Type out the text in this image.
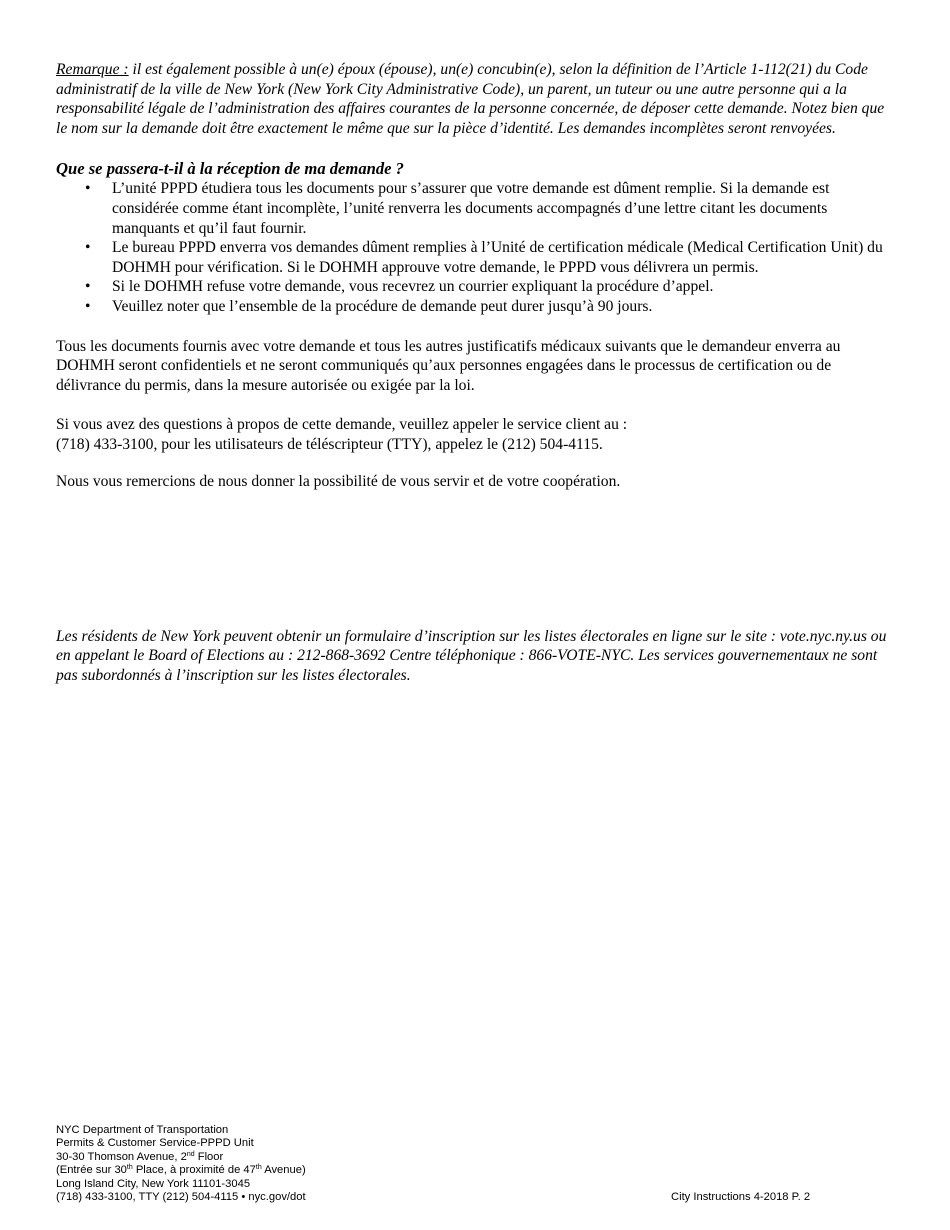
Remarque : il est également possible à un(e) époux (épouse), un(e) concubin(e), selon la définition de l’Article 1-112(21) du Code administratif de la ville de New York (New York City Administrative Code), un parent, un tuteur ou une autre personne qui a la responsabilité légale de l’administration des affaires courantes de la personne concernée, de déposer cette demande. Notez bien que le nom sur la demande doit être exactement le même que sur la pièce d’identité. Les demandes incomplètes seront renvoyées.

Que se passera-t-il à la réception de ma demande ?
• L’unité PPPD étudiera tous les documents pour s’assurer que votre demande est dûment remplie. Si la demande est considérée comme étant incomplète, l’unité renverra les documents accompagnés d’une lettre citant les documents manquants et qu’il faut fournir.
• Le bureau PPPD enverra vos demandes dûment remplies à l’Unité de certification médicale (Medical Certification Unit) du DOHMH pour vérification. Si le DOHMH approuve votre demande, le PPPD vous délivrera un permis.
• Si le DOHMH refuse votre demande, vous recevrez un courrier expliquant la procédure d’appel.
• Veuillez noter que l’ensemble de la procédure de demande peut durer jusqu’à 90 jours.

Tous les documents fournis avec votre demande et tous les autres justificatifs médicaux suivants que le demandeur enverra au DOHMH seront confidentiels et ne seront communiqués qu’aux personnes engagées dans le processus de certification ou de délivrance du permis, dans la mesure autorisée ou exigée par la loi.

Si vous avez des questions à propos de cette demande, veuillez appeler le service client au :
(718) 433-3100, pour les utilisateurs de téléscripteur (TTY), appelez le (212) 504-4115.

Nous vous remercions de nous donner la possibilité de vous servir et de votre coopération.

Les résidents de New York peuvent obtenir un formulaire d’inscription sur les listes électorales en ligne sur le site : vote.nyc.ny.us ou en appelant le Board of Elections au : 212-868-3692 Centre téléphonique : 866-VOTE-NYC. Les services gouvernementaux ne sont pas subordonnés à l’inscription sur les listes électorales.

NYC Department of Transportation
Permits & Customer Service-PPPD Unit
30-30 Thomson Avenue, 2nd Floor
(Entrée sur 30th Place, à proximité de 47th Avenue)
Long Island City, New York 11101-3045
(718) 433-3100, TTY (212) 504-4115 • nyc.gov/dot	City Instructions 4-2018 P. 2
